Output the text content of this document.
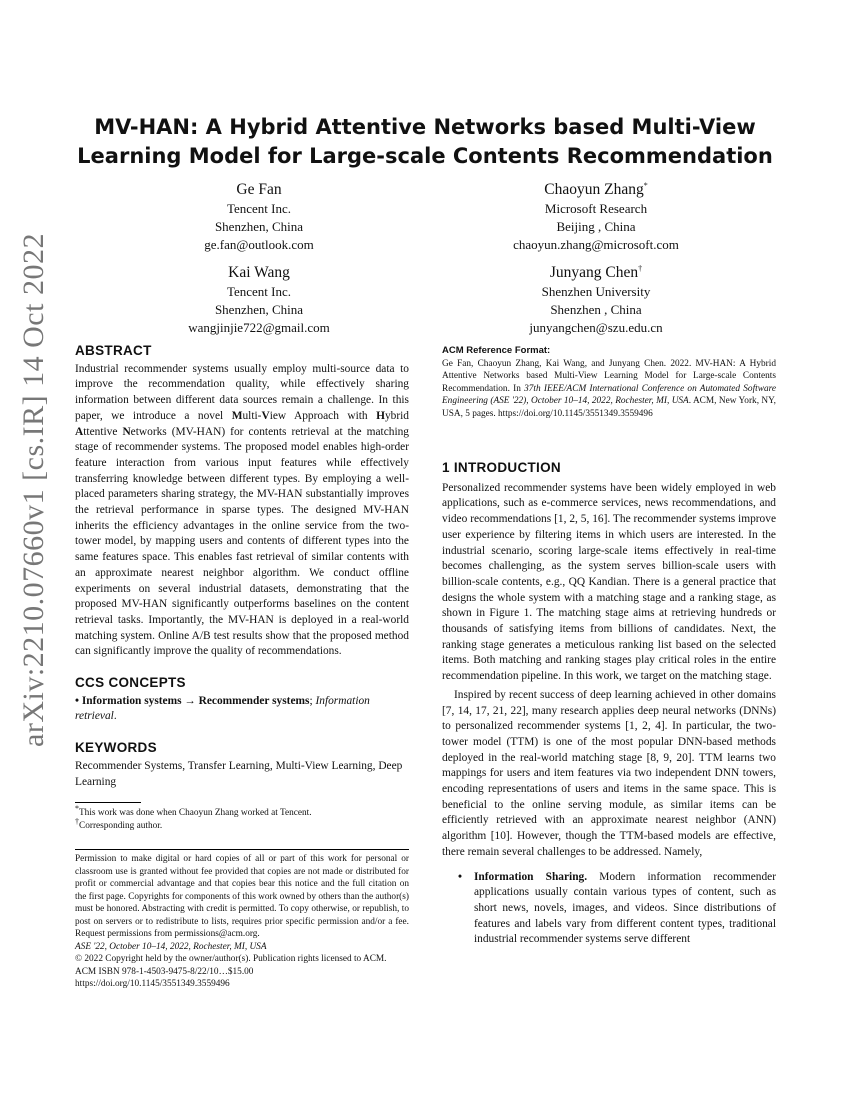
arXiv:2210.07660v1 [cs.IR] 14 Oct 2022
MV-HAN: A Hybrid Attentive Networks based Multi-View
Learning Model for Large-scale Contents Recommendation
Ge Fan
Tencent Inc.
Shenzhen, China
ge.fan@outlook.com
Chaoyun Zhang*
Microsoft Research
Beijing , China
chaoyun.zhang@microsoft.com
Kai Wang
Tencent Inc.
Shenzhen, China
wangjinjie722@gmail.com
Junyang Chen†
Shenzhen University
Shenzhen , China
junyangchen@szu.edu.cn
ABSTRACT

Industrial recommender systems usually employ multi-source data to improve the recommendation quality, while effectively sharing information between different data sources remain a challenge. In this paper, we introduce a novel Multi-View Approach with Hybrid Attentive Networks (MV-HAN) for contents retrieval at the matching stage of recommender systems. The proposed model enables high-order feature interaction from various input features while effectively transferring knowledge between different types. By employing a well-placed parameters sharing strategy, the MV-HAN substantially improves the retrieval performance in sparse types. The designed MV-HAN inherits the efficiency advantages in the online service from the two-tower model, by mapping users and contents of different types into the same features space. This enables fast retrieval of similar contents with an approximate nearest neighbor algorithm. We conduct offline experiments on several industrial datasets, demonstrating that the proposed MV-HAN significantly outperforms baselines on the content retrieval tasks. Importantly, the MV-HAN is deployed in a real-world matching system. Online A/B test results show that the proposed method can significantly improve the quality of recommendations.

CCS CONCEPTS

• Information systems → Recommender systems; Information retrieval.

KEYWORDS

Recommender Systems, Transfer Learning, Multi-View Learning, Deep Learning

*This work was done when Chaoyun Zhang worked at Tencent.
†Corresponding author.

Permission to make digital or hard copies of all or part of this work for personal or classroom use is granted without fee provided that copies are not made or distributed for profit or commercial advantage and that copies bear this notice and the full citation on the first page. Copyrights for components of this work owned by others than the author(s) must be honored. Abstracting with credit is permitted. To copy otherwise, or republish, to post on servers or to redistribute to lists, requires prior specific permission and/or a fee. Request permissions from permissions@acm.org.

ASE '22, October 10–14, 2022, Rochester, MI, USA

© 2022 Copyright held by the owner/author(s). Publication rights licensed to ACM.

ACM ISBN 978-1-4503-9475-8/22/10…$15.00

https://doi.org/10.1145/3551349.3559496

ACM Reference Format:

Ge Fan, Chaoyun Zhang, Kai Wang, and Junyang Chen. 2022. MV-HAN: A Hybrid Attentive Networks based Multi-View Learning Model for Large-scale Contents Recommendation. In 37th IEEE/ACM International Conference on Automated Software Engineering (ASE '22), October 10–14, 2022, Rochester, MI, USA. ACM, New York, NY, USA, 5 pages. https://doi.org/10.1145/3551349.3559496

1 INTRODUCTION

Personalized recommender systems have been widely employed in web applications, such as e-commerce services, news recommendations, and video recommendations [1, 2, 5, 16]. The recommender systems improve user experience by filtering items in which users are interested. In the industrial scenario, scoring large-scale items effectively in real-time becomes challenging, as the system serves billion-scale users with billion-scale contents, e.g., QQ Kandian. There is a general practice that designs the whole system with a matching stage and a ranking stage, as shown in Figure 1. The matching stage aims at retrieving hundreds or thousands of satisfying items from billions of candidates. Next, the ranking stage generates a meticulous ranking list based on the selected items. Both matching and ranking stages play critical roles in the entire recommendation pipeline. In this work, we target on the matching stage.

Inspired by recent success of deep learning achieved in other domains [7, 14, 17, 21, 22], many research applies deep neural networks (DNNs) to personalized recommender systems [1, 2, 4]. In particular, the two-tower model (TTM) is one of the most popular DNN-based methods deployed in the real-world matching stage [8, 9, 20]. TTM learns two mappings for users and item features via two independent DNN towers, encoding representations of users and items in the same space. This is beneficial to the online serving module, as similar items can be efficiently retrieved with an approximate nearest neighbor (ANN) algorithm [10]. However, though the TTM-based models are effective, there remain several challenges to be addressed. Namely,

• Information Sharing. Modern information recommender applications usually contain various types of content, such as short news, novels, images, and videos. Since distributions of features and labels vary from different content types, traditional industrial recommender systems serve different
